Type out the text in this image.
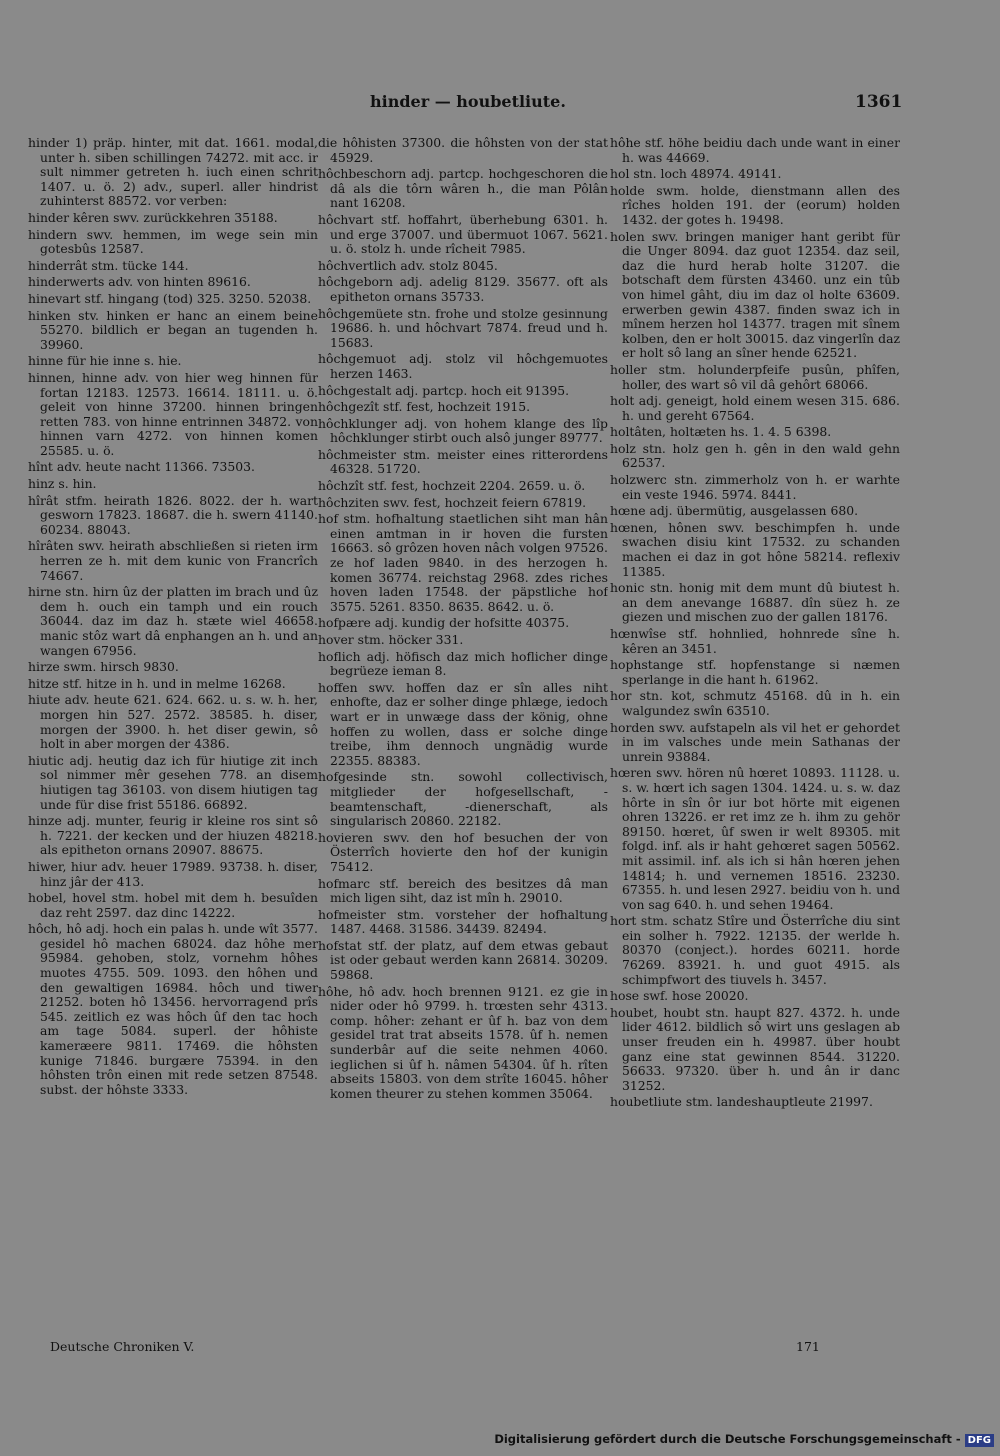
hinder — houbetliute.	1361

hinder 1) präp. hinter, mit dat. 1661. modal, unter h. siben schillingen 74272. mit acc. ir sult nimmer getreten h. iuch einen schrit 1407. u. ö. 2) adv., superl. aller hindrist zuhinterst 88572. vor verben:

hinder kêren swv. zurückkehren 35188.

hindern swv. hemmen, im wege sein min gotesbûs 12587.

hinderrât stm. tücke 144.

hinderwerts adv. von hinten 89616.

hinevart stf. hingang (tod) 325. 3250. 52038.

hinken stv. hinken er hanc an einem beine 55270. bildlich er began an tugenden h. 39960.

hinne für hie inne s. hie.

hinnen, hinne adv. von hier weg hinnen für fortan 12183. 12573. 16614. 18111. u. ö. geleit von hinne 37200. hinnen bringen retten 783. von hinne entrinnen 34872. von hinnen varn 4272. von hinnen komen 25585. u. ö.

hînt adv. heute nacht 11366. 73503.

hinz s. hin.

hîrât stfm. heirath 1826. 8022. der h. wart gesworn 17823. 18687. die h. swern 41140. 60234. 88043.

hîrâten swv. heirath abschließen si rieten irm herren ze h. mit dem kunic von Francrîch 74667.

hirne stn. hirn ûz der platten im brach und ûz dem h. ouch ein tamph und ein rouch 36044. daz im daz h. stæte wiel 46658. manic stôz wart dâ enphangen an h. und an wangen 67956.

hirze swm. hirsch 9830.

hitze stf. hitze in h. und in melme 16268.

hiute adv. heute 621. 624. 662. u. s. w. h. her, morgen hin 527. 2572. 38585. h. diser, morgen der 3900. h. het diser gewin, sô holt in aber morgen der 4386.

hiutic adj. heutig daz ich für hiutige zit inch sol nimmer mêr gesehen 778. an disem hiutigen tag 36103. von disem hiutigen tag unde für dise frist 55186. 66892.

hinze adj. munter, feurig ir kleine ros sint sô h. 7221. der kecken und der hiuzen 48218. als epitheton ornans 20907. 88675.

hiwer, hiur adv. heuer 17989. 93738. h. diser, hinz jâr der 413.

hobel, hovel stm. hobel mit dem h. besuîden daz reht 2597. daz dinc 14222.

hôch, hô adj. hoch ein palas h. unde wît 3577. gesidel hô machen 68024. daz hôhe mer 95984. gehoben, stolz, vornehm hôhes muotes 4755. 509. 1093. den hôhen und den gewaltigen 16984. hôch und tiwer 21252. boten hô 13456. hervorragend prîs 545. zeitlich ez was hôch ûf den tac hoch am tage 5084. superl. der hôhiste kameræere 9811. 17469. die hôhsten kunige 71846. burgære 75394. in den hôhsten trôn einen mit rede setzen 87548. subst. der hôhste 3333.

die hôhisten 37300. die hôhsten von der stat 45929.

hôchbeschorn adj. partcp. hochgeschoren die dâ als die tôrn wâren h., die man Pôlân nant 16208.

hôchvart stf. hoffahrt, überhebung 6301. h. und erge 37007. und übermuot 1067. 5621. u. ö. stolz h. unde rîcheit 7985.

hôchvertlich adv. stolz 8045.

hôchgeborn adj. adelig 8129. 35677. oft als epitheton ornans 35733.

hôchgemüete stn. frohe und stolze gesinnung 19686. h. und hôchvart 7874. freud und h. 15683.

hôchgemuot adj. stolz vil hôchgemuotes herzen 1463.

hôchgestalt adj. partcp. hoch eit 91395.

hôchgezît stf. fest, hochzeit 1915.

hôchklunger adj. von hohem klange des lîp hôchklunger stirbt ouch alsô junger 89777.

hôchmeister stm. meister eines ritterordens 46328. 51720.

hôchzît stf. fest, hochzeit 2204. 2659. u. ö.

hôchziten swv. fest, hochzeit feiern 67819.

hof stm. hofhaltung staetlichen siht man hân einen amtman in ir hoven die fursten 16663. sô grôzen hoven nâch volgen 97526. ze hof laden 9840. in des herzogen h. komen 36774. reichstag 2968. zdes riches hoven laden 17548. der päpstliche hof 3575. 5261. 8350. 8635. 8642. u. ö.

hofpære adj. kundig der hofsitte 40375.

hover stm. höcker 331.

hoflich adj. höfisch daz mich hoflicher dinge begrüeze ieman 8.

hoffen swv. hoffen daz er sîn alles niht enhofte, daz er solher dinge phlæge, iedoch wart er in unwæge dass der könig, ohne hoffen zu wollen, dass er solche dinge treibe, ihm dennoch ungnädig wurde 22355. 88383.

hofgesinde stn. sowohl collectivisch, mitglieder der hofgesellschaft, -beamtenschaft, -dienerschaft, als singularisch 20860. 22182.

hovieren swv. den hof besuchen der von Österrîch hovierte den hof der kunigin 75412.

hofmarc stf. bereich des besitzes dâ man mich ligen siht, daz ist mîn h. 29010.

hofmeister stm. vorsteher der hofhaltung 1487. 4468. 31586. 34439. 82494.

hofstat stf. der platz, auf dem etwas gebaut ist oder gebaut werden kann 26814. 30209. 59868.

hôhe, hô adv. hoch brennen 9121. ez gie in nider oder hô 9799. h. trœsten sehr 4313. comp. hôher: zehant er ûf h. baz von dem gesidel trat trat abseits 1578. ûf h. nemen sunderbâr auf die seite nehmen 4060. ieglichen si ûf h. nâmen 54304. ûf h. rîten abseits 15803. von dem strîte 16045. hôher komen theurer zu stehen kommen 35064.

hôhe stf. höhe beidiu dach unde want in einer h. was 44669.

hol stn. loch 48974. 49141.

holde swm. holde, dienstmann allen des rîches holden 191. der (eorum) holden 1432. der gotes h. 19498.

holen swv. bringen maniger hant geribt für die Unger 8094. daz guot 12354. daz seil, daz die hurd herab holte 31207. die botschaft dem fürsten 43460. unz ein tûb von himel gâht, diu im daz ol holte 63609. erwerben gewin 4387. finden swaz ich in mînem herzen hol 14377. tragen mit sînem kolben, den er holt 30015. daz vingerlîn daz er holt sô lang an sîner hende 62521.

holler stm. holunderpfeife pusûn, phîfen, holler, des wart sô vil dâ gehôrt 68066.

holt adj. geneigt, hold einem wesen 315. 686. h. und gereht 67564.

holtâten, holtæten hs. 1. 4. 5 6398.

holz stn. holz gen h. gên in den wald gehn 62537.

holzwerc stn. zimmerholz von h. er warhte ein veste 1946. 5974. 8441.

hœne adj. übermütig, ausgelassen 680.

hœnen, hônen swv. beschimpfen h. unde swachen disiu kint 17532. zu schanden machen ei daz in got hône 58214. reflexiv 11385.

honic stn. honig mit dem munt dû biutest h. an dem anevange 16887. dîn süez h. ze giezen und mischen zuo der gallen 18176.

hœnwîse stf. hohnlied, hohnrede sîne h. kêren an 3451.

hophstange stf. hopfenstange si næmen sperlange in die hant h. 61962.

hor stn. kot, schmutz 45168. dû in h. ein walgundez swîn 63510.

horden swv. aufstapeln als vil het er gehordet in im valsches unde mein Sathanas der unrein 93884.

hœren swv. hören nû hœret 10893. 11128. u. s. w. hœrt ich sagen 1304. 1424. u. s. w. daz hôrte in sîn ôr iur bot hörte mit eigenen ohren 13226. er ret imz ze h. ihm zu gehör 89150. hœret, ûf swen ir welt 89305. mit folgd. inf. als ir haht gehœret sagen 50562. mit assimil. inf. als ich si hân hœren jehen 14814; h. und vernemen 18516. 23230. 67355. h. und lesen 2927. beidiu von h. und von sag 640. h. und sehen 19464.

hort stm. schatz Stîre und Österrîche diu sint ein solher h. 7922. 12135. der werlde h. 80370 (conject.). hordes 60211. horde 76269. 83921. h. und guot 4915. als schimpfwort des tiuvels h. 3457.

hose swf. hose 20020.

houbet, houbt stn. haupt 827. 4372. h. unde lider 4612. bildlich sô wirt uns geslagen ab unser freuden ein h. 49987. über houbt ganz eine stat gewinnen 8544. 31220. 56633. 97320. über h. und ân ir danc 31252.

houbetliute stm. landeshauptleute 21997.

Deutsche Chroniken V.	171
Digitalisierung gefördert durch die Deutsche Forschungsgemeinschaft - DFG
